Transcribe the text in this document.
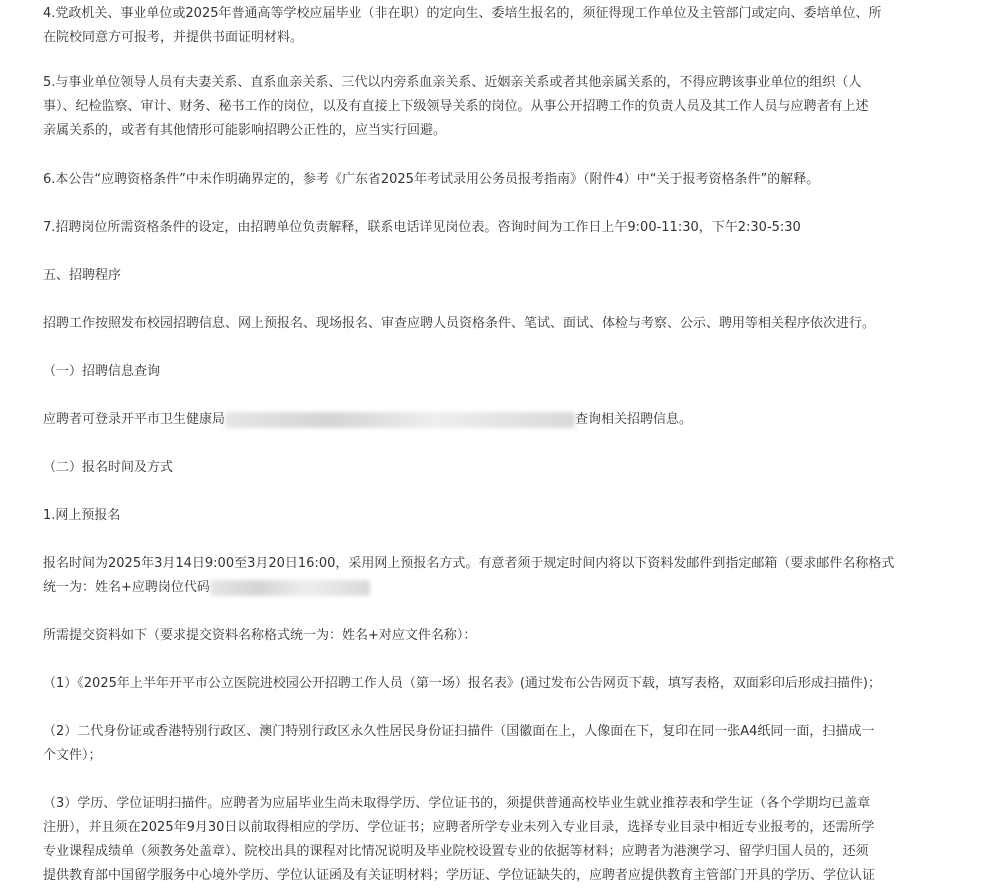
4.党政机关、事业单位或2025年普通高等学校应届毕业（非在职）的定向生、委培生报名的，须征得现工作单位及主管部门或定向、委培单位、所
在院校同意方可报考，并提供书面证明材料。

5.与事业单位领导人员有夫妻关系、直系血亲关系、三代以内旁系血亲关系、近姻亲关系或者其他亲属关系的，不得应聘该事业单位的组织（人
事）、纪检监察、审计、财务、秘书工作的岗位，以及有直接上下级领导关系的岗位。从事公开招聘工作的负责人员及其工作人员与应聘者有上述
亲属关系的，或者有其他情形可能影响招聘公正性的，应当实行回避。

6.本公告“应聘资格条件”中未作明确界定的，参考《广东省2025年考试录用公务员报考指南》（附件4）中“关于报考资格条件”的解释。

7.招聘岗位所需资格条件的设定，由招聘单位负责解释，联系电话详见岗位表。咨询时间为工作日上午9:00-11:30，下午2:30-5:30

五、招聘程序

招聘工作按照发布校园招聘信息、网上预报名、现场报名、审查应聘人员资格条件、笔试、面试、体检与考察、公示、聘用等相关程序依次进行。

（一）招聘信息查询

应聘者可登录开平市卫生健康局	查询相关招聘信息。

（二）报名时间及方式

1.网上预报名

报名时间为2025年3月14日9:00至3月20日16:00，采用网上预报名方式。有意者须于规定时间内将以下资料发邮件到指定邮箱（要求邮件名称格式
统一为：姓名+应聘岗位代码

所需提交资料如下（要求提交资料名称格式统一为：姓名+对应文件名称）：

（1）《2025年上半年开平市公立医院进校园公开招聘工作人员（第一场）报名表》(通过发布公告网页下载，填写表格，双面彩印后形成扫描件)；

（2）二代身份证或香港特别行政区、澳门特别行政区永久性居民身份证扫描件（国徽面在上，人像面在下，复印在同一张A4纸同一面，扫描成一
个文件）；

（3）学历、学位证明扫描件。应聘者为应届毕业生尚未取得学历、学位证书的，须提供普通高校毕业生就业推荐表和学生证（各个学期均已盖章
注册），并且须在2025年9月30日以前取得相应的学历、学位证书；应聘者所学专业未列入专业目录，选择专业目录中相近专业报考的，还需所学
专业课程成绩单（须教务处盖章）、院校出具的课程对比情况说明及毕业院校设置专业的依据等材料；应聘者为港澳学习、留学归国人员的，还须
提供教育部中国留学服务中心境外学历、学位认证函及有关证明材料；学历证、学位证缺失的，应聘者应提供教育主管部门开具的学历、学位认证
